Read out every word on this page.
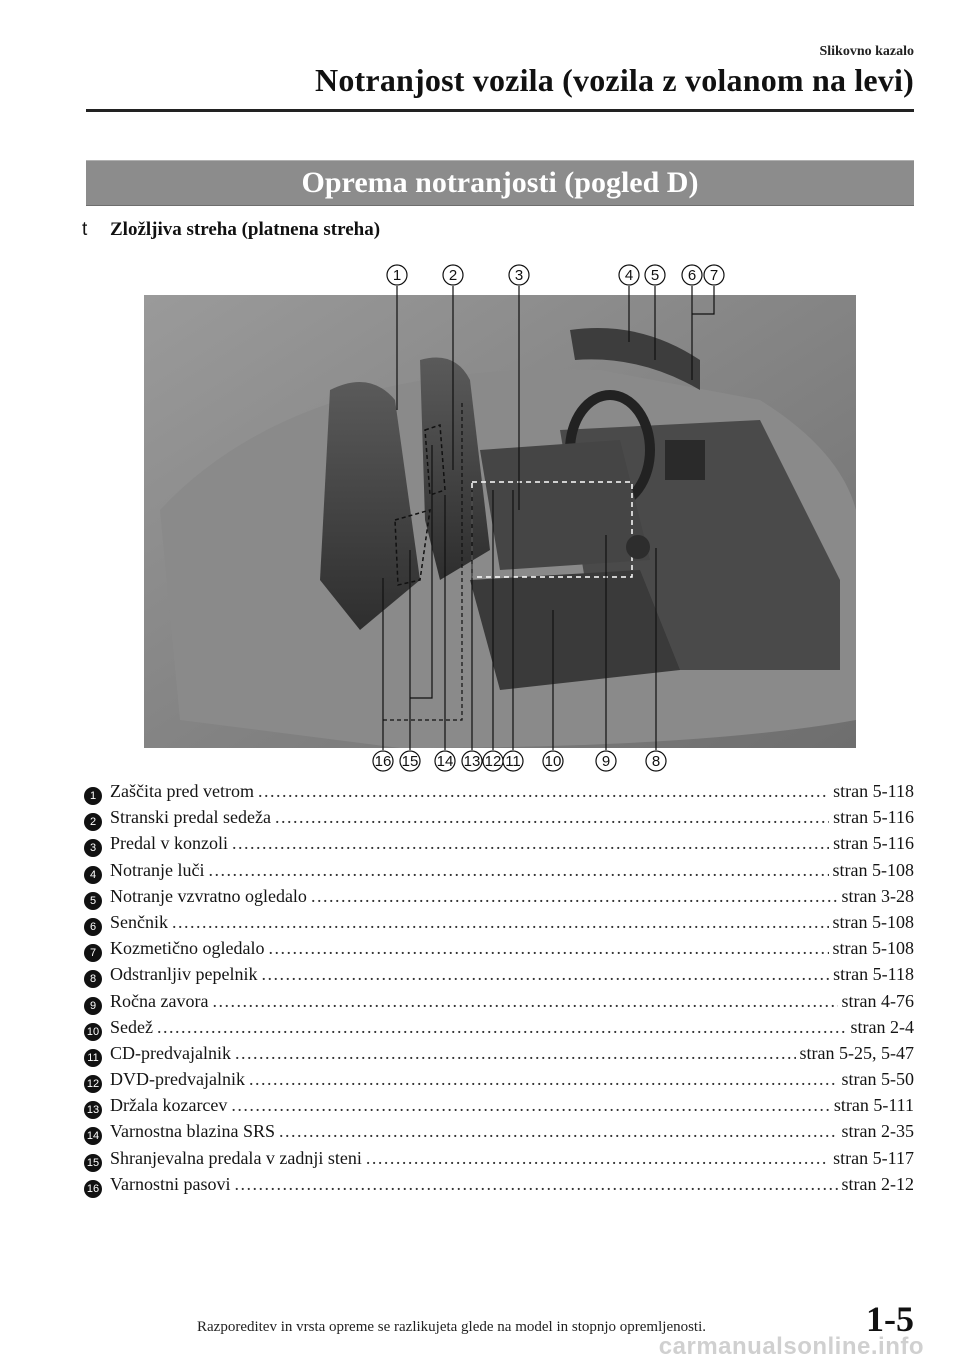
Slikovno kazalo
Notranjost vozila (vozila z volanom na levi)
Oprema notranjosti (pogled D)
t Zložljiva streha (platnena streha)
1	2	3	4 5 6 7
16 15 14 13 12 11 10	9	8
1 Zaščita pred vetrom .....	stran 5-118
2 Stranski predal sedeža .....	stran 5-116
3 Predal v konzoli .....	stran 5-116
4 Notranje luči .....	stran 5-108
5 Notranje vzvratno ogledalo .....	stran 3-28
6 Senčnik .....	stran 5-108
7 Kozmetično ogledalo .....	stran 5-108
8 Odstranljiv pepelnik .....	stran 5-118
9 Ročna zavora .....	stran 4-76
10 Sedež .....	stran 2-4
11 CD-predvajalnik .....	stran 5-25, 5-47
12 DVD-predvajalnik .....	stran 5-50
13 Držala kozarcev .....	stran 5-111
14 Varnostna blazina SRS .....	stran 2-35
15 Shranjevalna predala v zadnji steni .....	stran 5-117
16 Varnostni pasovi .....	stran 2-12
1-5
Razporeditev in vrsta opreme se razlikujeta glede na model in stopnjo opremljenosti.
carmanualsonline.info
